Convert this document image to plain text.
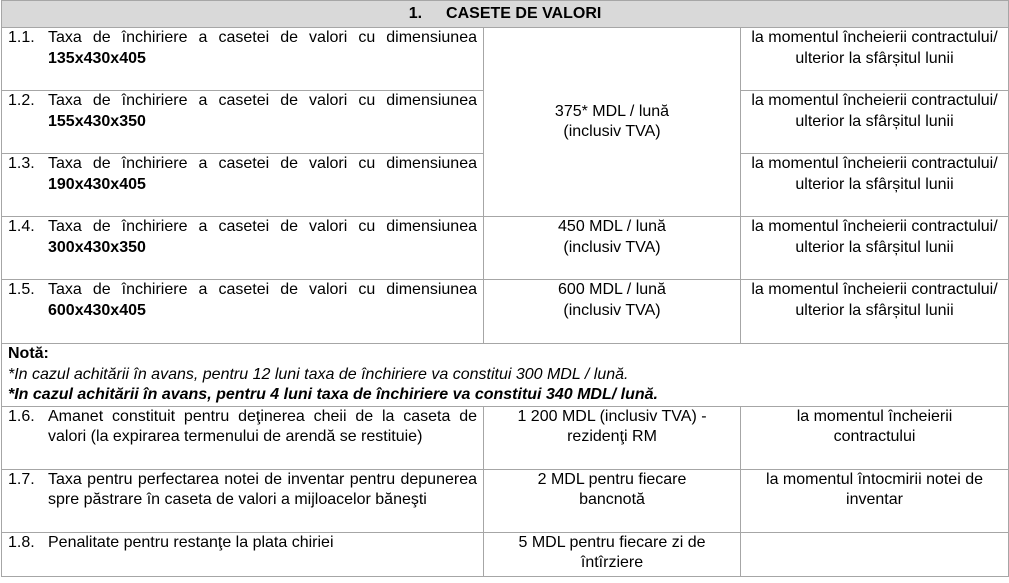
1. CASETE DE VALORI		

1.1. Taxa de închiriere a casetei de valori cu dimensiunea 135x430x405	375* MDL / lună (inclusiv TVA)	la momentul încheierii contractului/ ulterior la sfârșitul lunii

1.2. Taxa de închiriere a casetei de valori cu dimensiunea 155x430x350		la momentul încheierii contractului/ ulterior la sfârșitul lunii

1.3. Taxa de închiriere a casetei de valori cu dimensiunea 190x430x405		la momentul încheierii contractului/ ulterior la sfârșitul lunii

1.4. Taxa de închiriere a casetei de valori cu dimensiunea 300x430x350	450 MDL / lună (inclusiv TVA)	la momentul încheierii contractului/ ulterior la sfârșitul lunii

1.5. Taxa de închiriere a casetei de valori cu dimensiunea 600x430x405	600 MDL / lună (inclusiv TVA)	la momentul încheierii contractului/ ulterior la sfârșitul lunii

Notă:
*In cazul achitării în avans, pentru 12 luni taxa de închiriere va constitui 300 MDL / lună.
*In cazul achitării în avans, pentru 4 luni taxa de închiriere va constitui 340 MDL/ lună.		

1.6. Amanet constituit pentru deţinerea cheii de la caseta de valori (la expirarea termenului de arendă se restituie)	1 200 MDL (inclusiv TVA) - rezidenţi RM	la momentul încheierii contractului

1.7. Taxa pentru perfectarea notei de inventar pentru depunerea spre păstrare în caseta de valori a mijloacelor băneşti	2 MDL pentru fiecare bancnotă	la momentul întocmirii notei de inventar

1.8. Penalitate pentru restanţe la plata chiriei	5 MDL pentru fiecare zi de întîrziere	
